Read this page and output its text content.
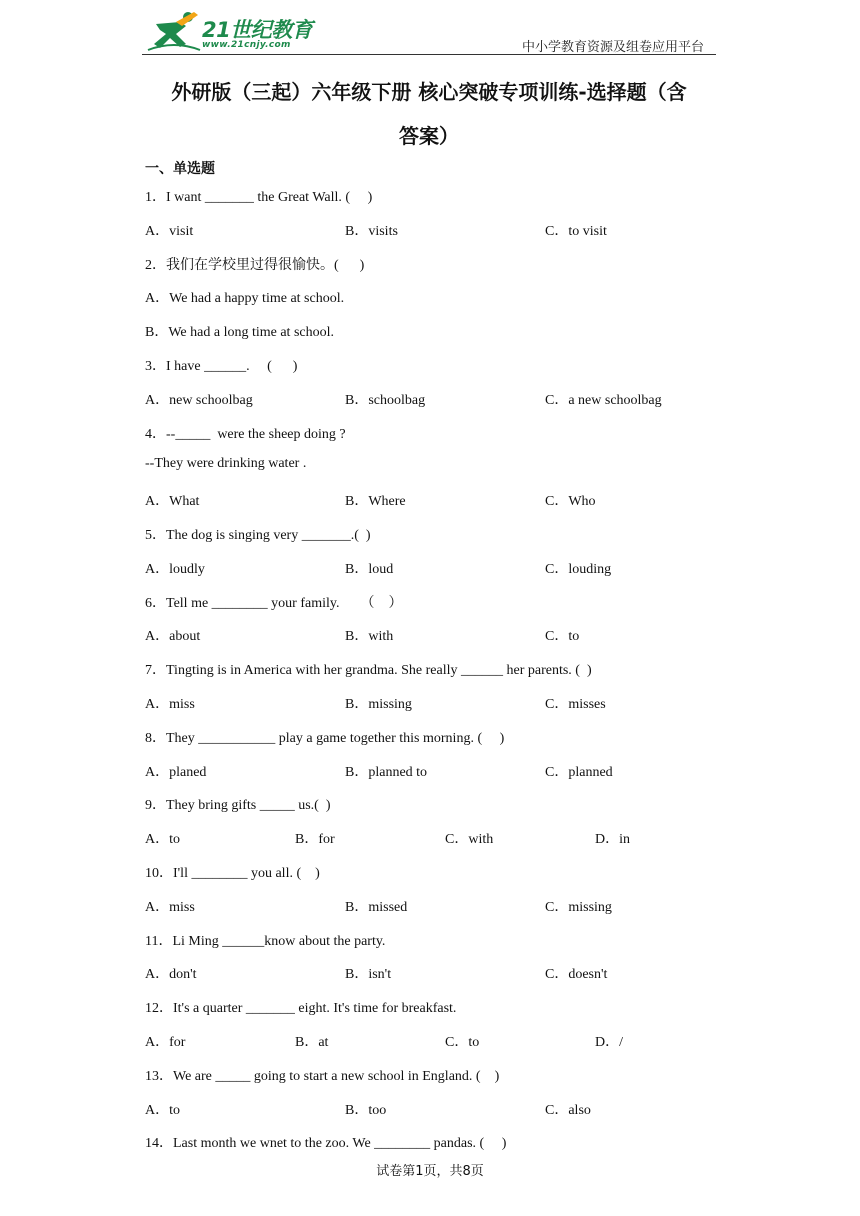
21世纪教育
www.21cnjy.com	中小学教育资源及组卷应用平台
外研版（三起）六年级下册 核心突破专项训练-选择题（含
答案）
一、单选题
1．I want _______ the Great Wall. (     )
A．visit	B．visits	C．to visit
2．我们在学校里过得很愉快。(      )
A．We had a happy time at school.
B．We had a long time at school.
3．I have ______.     (      )
A．new schoolbag	B．schoolbag	C．a new schoolbag
4．--_____  were the sheep doing ?
--They were drinking water .
A．What	B．Where	C．Who
5．The dog is singing very _______.(  )
A．loudly	B．loud	C．louding
6．Tell me ________ your family.      （    ）
A．about	B．with	C．to
7．Tingting is in America with her grandma. She really ______ her parents. (  )
A．miss	B．missing	C．misses
8．They ___________ play a game together this morning. (     )
A．planed	B．planned to	C．planned
9．They bring gifts _____ us.(  )
A．to	B．for	C．with	D．in
10．I'll ________ you all. (    )
A．miss	B．missed	C．missing
11．Li Ming ______know about the party.
A．don't	B．isn't	C．doesn't
12．It's a quarter _______ eight. It's time for breakfast.
A．for	B．at	C．to	D．/
13．We are _____ going to start a new school in England. (    )
A．to	B．too	C．also
14．Last month we wnet to the zoo. We ________ pandas. (     )
试卷第1页，共8页
